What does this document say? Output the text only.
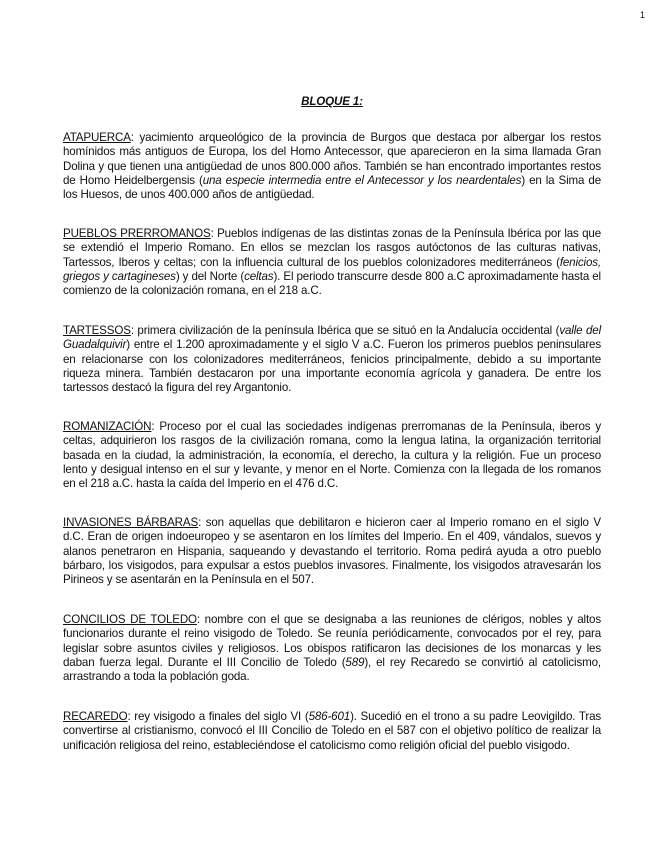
1
BLOQUE 1:

ATAPUERCA: yacimiento arqueológico de la provincia de Burgos que destaca por albergar los restos homínidos más antiguos de Europa, los del Homo Antecessor, que aparecieron en la sima llamada Gran Dolina y que tienen una antigüedad de unos 800.000 años. También se han encontrado importantes restos de Homo Heidelbergensis (una especie intermedia entre el Antecessor y los neardentales) en la Sima de los Huesos, de unos 400.000 años de antigüedad.

PUEBLOS PRERROMANOS: Pueblos indígenas de las distintas zonas de la Península Ibérica por las que se extendió el Imperio Romano. En ellos se mezclan los rasgos autóctonos de las culturas nativas, Tartessos, Iberos y celtas; con la influencia cultural de los pueblos colonizadores mediterráneos (fenicios, griegos y cartagineses) y del Norte (celtas). El periodo transcurre desde 800 a.C aproximadamente hasta el comienzo de la colonización romana, en el 218 a.C.

TARTESSOS: primera civilización de la península Ibérica que se situó en la Andalucía occidental (valle del Guadalquivir) entre el 1.200 aproximadamente y el siglo V a.C. Fueron los primeros pueblos peninsulares en relacionarse con los colonizadores mediterráneos, fenicios principalmente, debido a su importante riqueza minera. También destacaron por una importante economía agrícola y ganadera. De entre los tartessos destacó la figura del rey Argantonio.

ROMANIZACIÓN: Proceso por el cual las sociedades indígenas prerromanas de la Península, iberos y celtas, adquirieron los rasgos de la civilización romana, como la lengua latina, la organización territorial basada en la ciudad, la administración, la economía, el derecho, la cultura y la religión. Fue un proceso lento y desigual intenso en el sur y levante, y menor en el Norte. Comienza con la llegada de los romanos en el 218 a.C. hasta la caída del Imperio en el 476 d.C.

INVASIONES BÁRBARAS: son aquellas que debilitaron e hicieron caer al Imperio romano en el siglo V d.C. Eran de origen indoeuropeo y se asentaron en los límites del Imperio. En el 409, vándalos, suevos y alanos penetraron en Hispania, saqueando y devastando el territorio. Roma pedirá ayuda a otro pueblo bárbaro, los visigodos, para expulsar a estos pueblos invasores. Finalmente, los visigodos atravesarán los Pirineos y se asentarán en la Península en el 507.

CONCILIOS DE TOLEDO: nombre con el que se designaba a las reuniones de clérigos, nobles y altos funcionarios durante el reino visigodo de Toledo. Se reunía periódicamente, convocados por el rey, para legislar sobre asuntos civiles y religiosos. Los obispos ratificaron las decisiones de los monarcas y les daban fuerza legal. Durante el III Concilio de Toledo (589), el rey Recaredo se convirtió al catolicismo, arrastrando a toda la población goda.

RECAREDO: rey visigodo a finales del siglo VI (586-601). Sucedió en el trono a su padre Leovigildo. Tras convertirse al cristianismo, convocó el III Concilio de Toledo en el 587 con el objetivo político de realizar la unificación religiosa del reino, estableciéndose el catolicismo como religión oficial del pueblo visigodo.
